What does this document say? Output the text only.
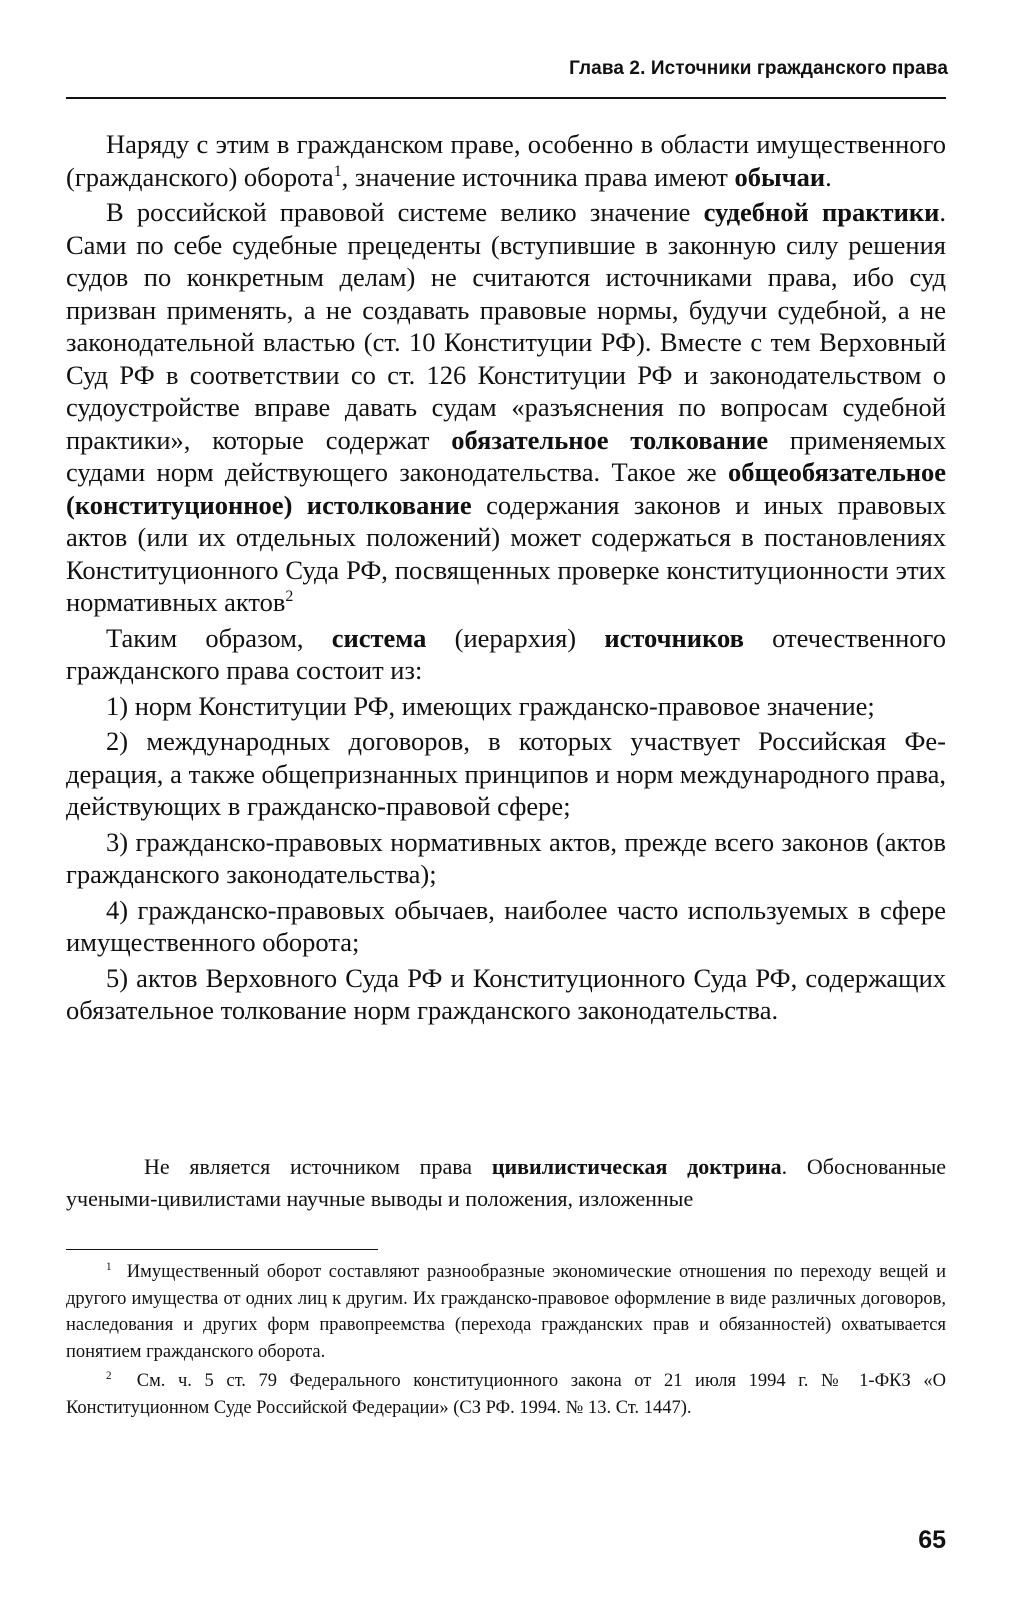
Глава 2. Источники гражданского права

Наряду с этим в гражданском праве, особенно в области имущественного (гражданского) оборота$^1$, значение источника права имеют обычаи.

В российской правовой системе велико значение судебной практики. Сами по себе судебные прецеденты (вступившие в законную силу решения судов по конкретным делам) не считаются источниками права, ибо суд призван применять, а не создавать правовые нормы, будучи судебной, а не законодательной властью (ст. 10 Конституции РФ). Вместе с тем Верховный Суд РФ в соответствии со ст. 126 Конституции РФ и законодательством о судоустройстве вправе давать судам «разъяснения по вопросам судебной практики», которые содержат обязательное толкование применяемых судами норм действующего законодательства. Такое же общеобязательное (конституционное) истолкование содержания законов и иных правовых актов (или их отдельных положений) может содержаться в постановлениях Конституционного Суда РФ, посвященных проверке конституционности этих нормативных актов$^2$

Таким образом, система (иерархия) источников отечественного гражданского права состоит из:

1) норм Конституции РФ, имеющих гражданско-правовое значение;

2) международных договоров, в которых участвует Российская Федерация, а также общепризнанных принципов и норм международного права, действующих в гражданско-правовой сфере;

3) гражданско-правовых нормативных актов, прежде всего законов (актов гражданского законодательства);

4) гражданско-правовых обычаев, наиболее часто используемых в сфере имущественного оборота;

5) актов Верховного Суда РФ и Конституционного Суда РФ, содержащих обязательное толкование норм гражданского законодательства.

Не является источником права цивилистическая доктрина. Обоснованные учеными-цивилистами научные выводы и положения, изложенные

$^1$ Имущественный оборот составляют разнообразные экономические отношения по переходу вещей и другого имущества от одних лиц к другим. Их гражданско-правовое оформление в виде различных договоров, наследования и других форм правопреемства (перехода гражданских прав и обязанностей) охватывается понятием гражданского оборота.

$^2$ См. ч. 5 ст. 79 Федерального конституционного закона от 21 июля 1994 г. № 1-ФКЗ «О Конституционном Суде Российской Федерации» (СЗ РФ. 1994. № 13. Ст. 1447).

65
